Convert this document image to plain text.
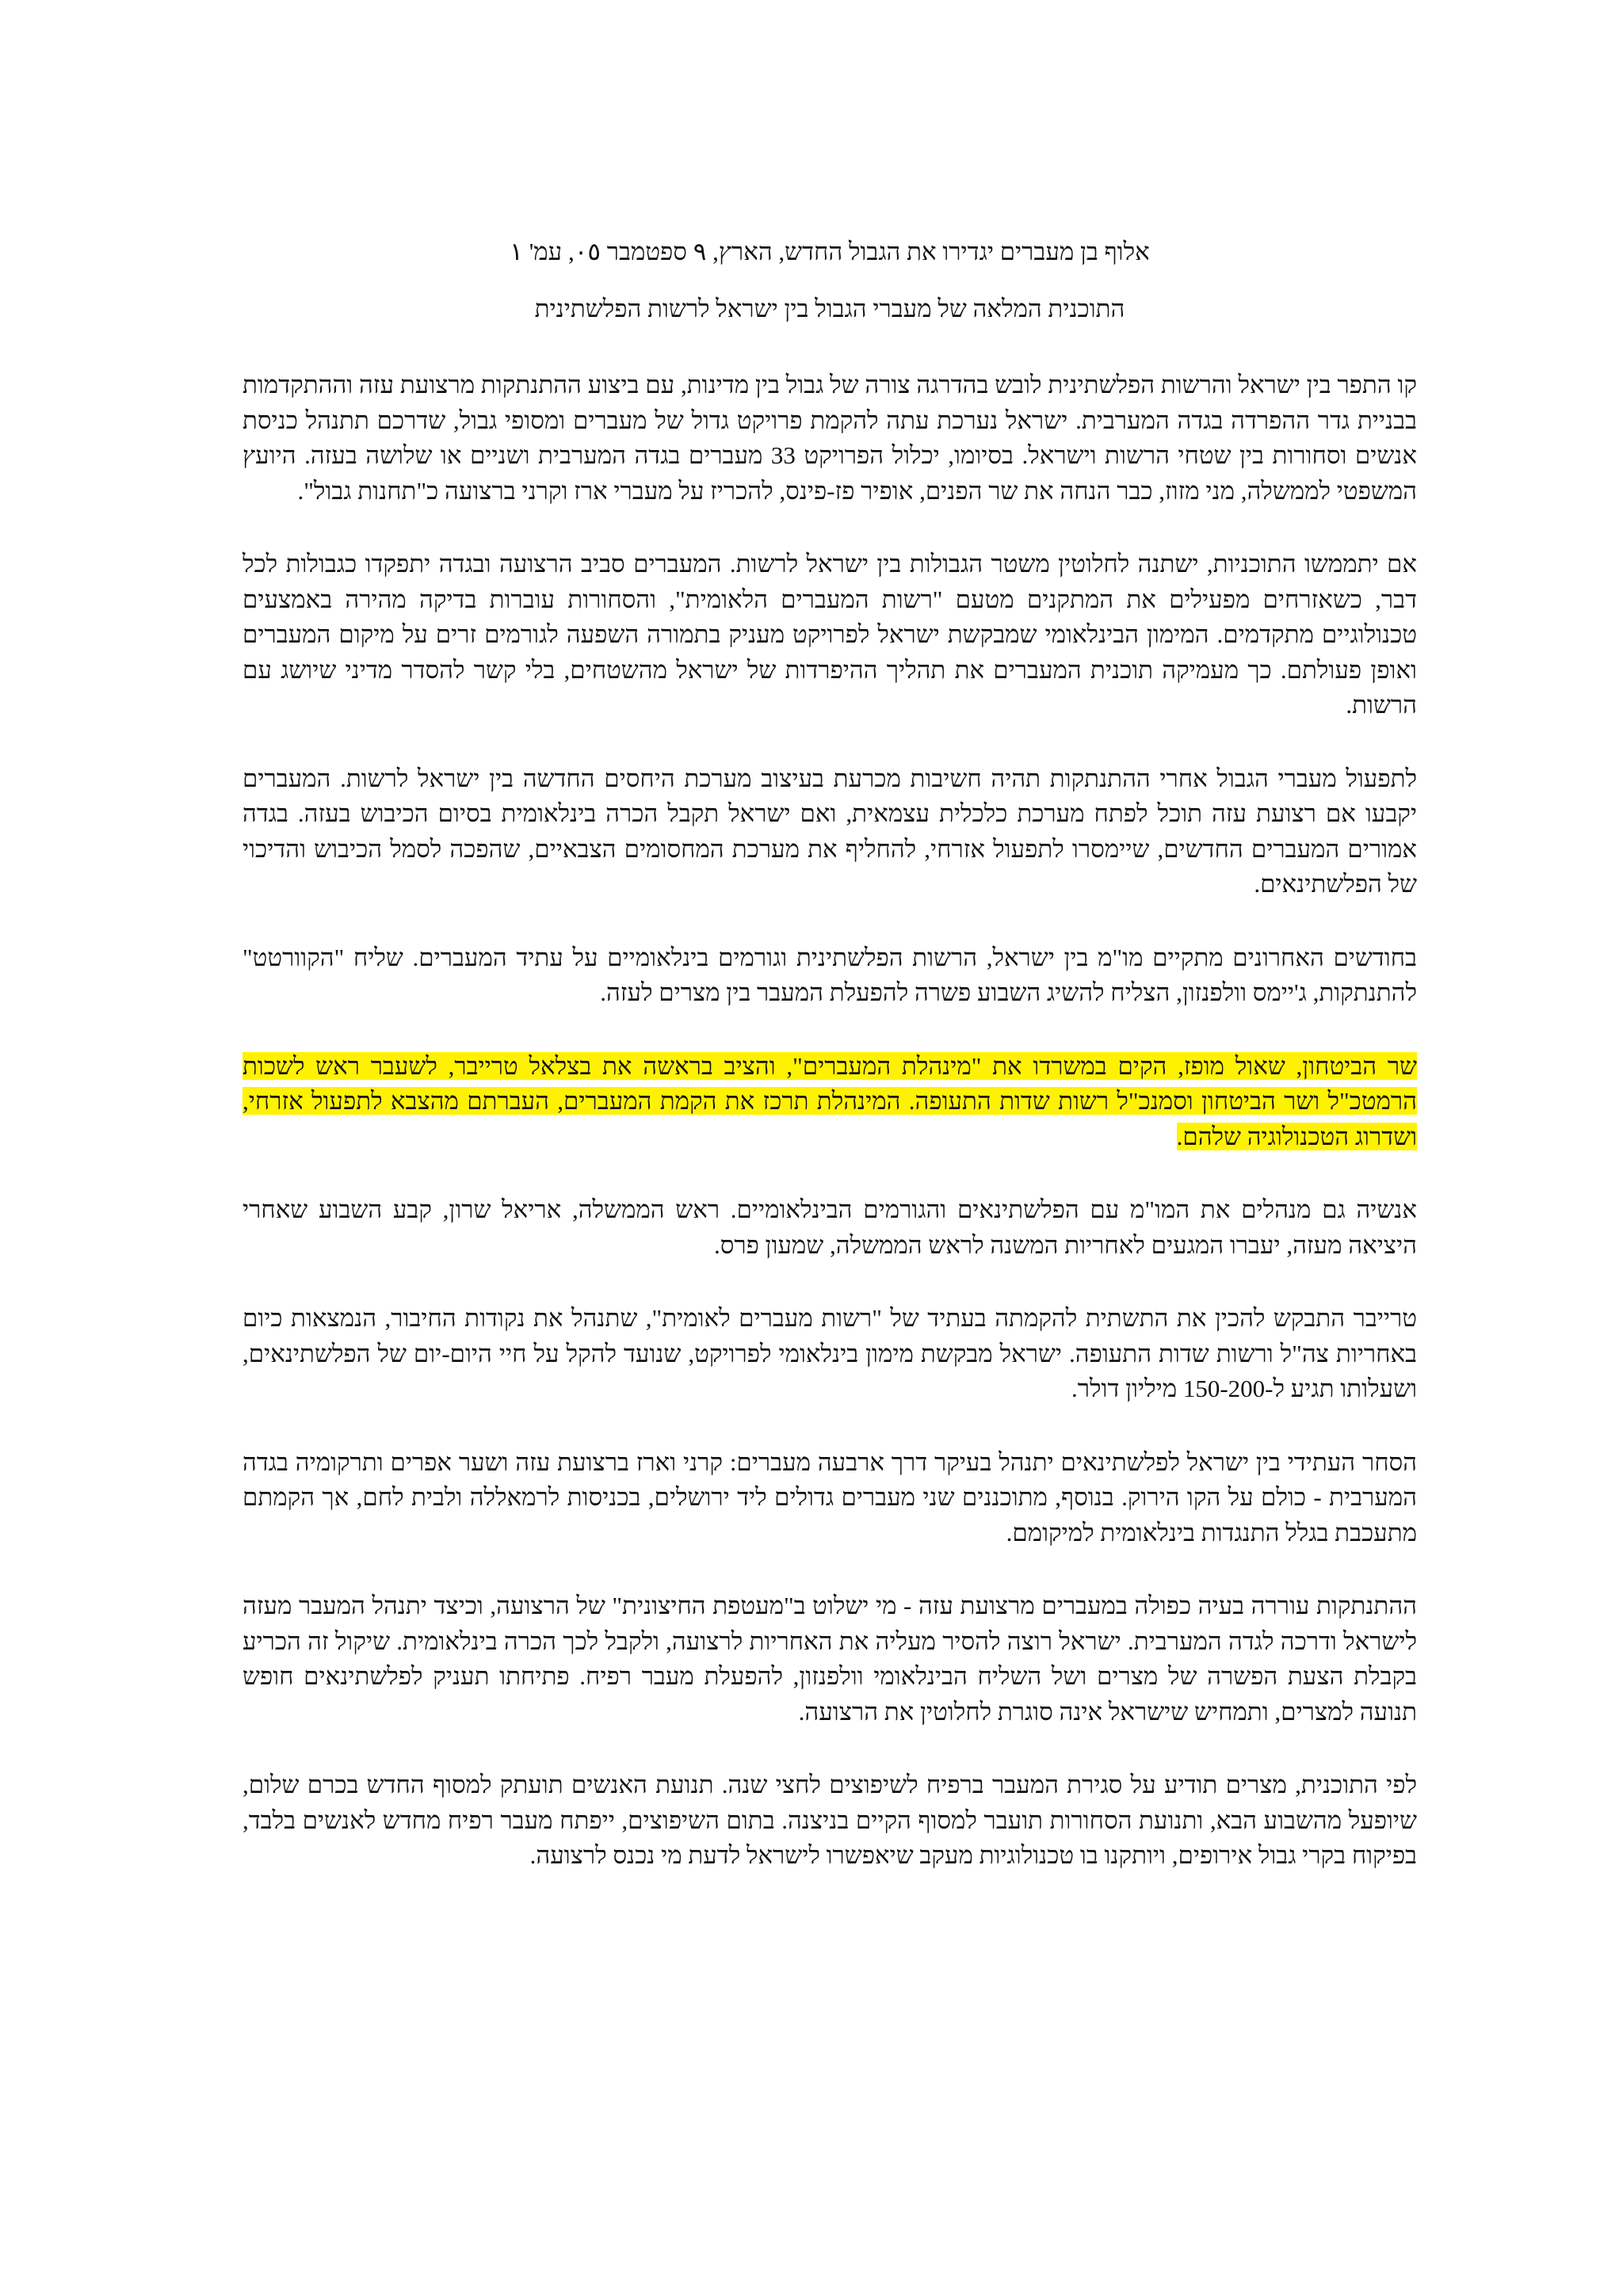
אלוף בן מעברים יגדירו את הגבול החדש, הארץ, ٩ ספטמבר ٠٥, עמ' ١
התוכנית המלאה של מעברי הגבול בין ישראל לרשות הפלשתינית

קו התפר בין ישראל והרשות הפלשתינית לובש בהדרגה צורה של גבול בין מדינות, עם ביצוע ההתנתקות מרצועת עזה וההתקדמות בבניית גדר ההפרדה בגדה המערבית. ישראל נערכת עתה להקמת פרויקט גדול של מעברים ומסופי גבול, שדרכם תתנהל כניסת אנשים וסחורות בין שטחי הרשות וישראל. בסיומו, יכלול הפרויקט 33 מעברים בגדה המערבית ושניים או שלושה בעזה. היועץ המשפטי לממשלה, מני מזוז, כבר הנחה את שר הפנים, אופיר פז-פינס, להכריז על מעברי ארז וקרני ברצועה כ"תחנות גבול".

אם יתממשו התוכניות, ישתנה לחלוטין משטר הגבולות בין ישראל לרשות. המעברים סביב הרצועה ובגדה יתפקדו כגבולות לכל דבר, כשאזרחים מפעילים את המתקנים מטעם "רשות המעברים הלאומית", והסחורות עוברות בדיקה מהירה באמצעים טכנולוגיים מתקדמים. המימון הבינלאומי שמבקשת ישראל לפרויקט מעניק בתמורה השפעה לגורמים זרים על מיקום המעברים ואופן פעולתם. כך מעמיקה תוכנית המעברים את תהליך ההיפרדות של ישראל מהשטחים, בלי קשר להסדר מדיני שיושג עם הרשות.

לתפעול מעברי הגבול אחרי ההתנתקות תהיה חשיבות מכרעת בעיצוב מערכת היחסים החדשה בין ישראל לרשות. המעברים יקבעו אם רצועת עזה תוכל לפתח מערכת כלכלית עצמאית, ואם ישראל תקבל הכרה בינלאומית בסיום הכיבוש בעזה. בגדה אמורים המעברים החדשים, שיימסרו לתפעול אזרחי, להחליף את מערכת המחסומים הצבאיים, שהפכה לסמל הכיבוש והדיכוי של הפלשתינאים.

בחודשים האחרונים מתקיים מו"מ בין ישראל, הרשות הפלשתינית וגורמים בינלאומיים על עתיד המעברים. שליח "הקוורטט" להתנתקות, ג'יימס וולפנזון, הצליח להשיג השבוע פשרה להפעלת המעבר בין מצרים לעזה.

שר הביטחון, שאול מופז, הקים במשרדו את "מינהלת המעברים", והציב בראשה את בצלאל טרייבר, לשעבר ראש לשכות הרמטכ"ל ושר הביטחון וסמנכ"ל רשות שדות התעופה. המינהלת תרכז את הקמת המעברים, העברתם מהצבא לתפעול אזרחי, ושדרוג הטכנולוגיה שלהם.

אנשיה גם מנהלים את המו"מ עם הפלשתינאים והגורמים הבינלאומיים. ראש הממשלה, אריאל שרון, קבע השבוע שאחרי היציאה מעזה, יעברו המגעים לאחריות המשנה לראש הממשלה, שמעון פרס.

טרייבר התבקש להכין את התשתית להקמתה בעתיד של "רשות מעברים לאומית", שתנהל את נקודות החיבור, הנמצאות כיום באחריות צה"ל ורשות שדות התעופה. ישראל מבקשת מימון בינלאומי לפרויקט, שנועד להקל על חיי היום-יום של הפלשתינאים, ושעלותו תגיע ל-150-200 מיליון דולר.

הסחר העתידי בין ישראל לפלשתינאים יתנהל בעיקר דרך ארבעה מעברים: קרני וארז ברצועת עזה ושער אפרים ותרקומיה בגדה המערבית - כולם על הקו הירוק. בנוסף, מתוכננים שני מעברים גדולים ליד ירושלים, בכניסות לרמאללה ולבית לחם, אך הקמתם מתעכבת בגלל התנגדות בינלאומית למיקומם.

ההתנתקות עוררה בעיה כפולה במעברים מרצועת עזה - מי ישלוט ב"מעטפת החיצונית" של הרצועה, וכיצד יתנהל המעבר מעזה לישראל ודרכה לגדה המערבית. ישראל רוצה להסיר מעליה את האחריות לרצועה, ולקבל לכך הכרה בינלאומית. שיקול זה הכריע בקבלת הצעת הפשרה של מצרים ושל השליח הבינלאומי וולפנזון, להפעלת מעבר רפיח. פתיחתו תעניק לפלשתינאים חופש תנועה למצרים, ותמחיש שישראל אינה סוגרת לחלוטין את הרצועה.

לפי התוכנית, מצרים תודיע על סגירת המעבר ברפיח לשיפוצים לחצי שנה. תנועת האנשים תועתק למסוף החדש בכרם שלום, שיופעל מהשבוע הבא, ותנועת הסחורות תועבר למסוף הקיים בניצנה. בתום השיפוצים, ייפתח מעבר רפיח מחדש לאנשים בלבד, בפיקוח בקרי גבול אירופים, ויותקנו בו טכנולוגיות מעקב שיאפשרו לישראל לדעת מי נכנס לרצועה.
